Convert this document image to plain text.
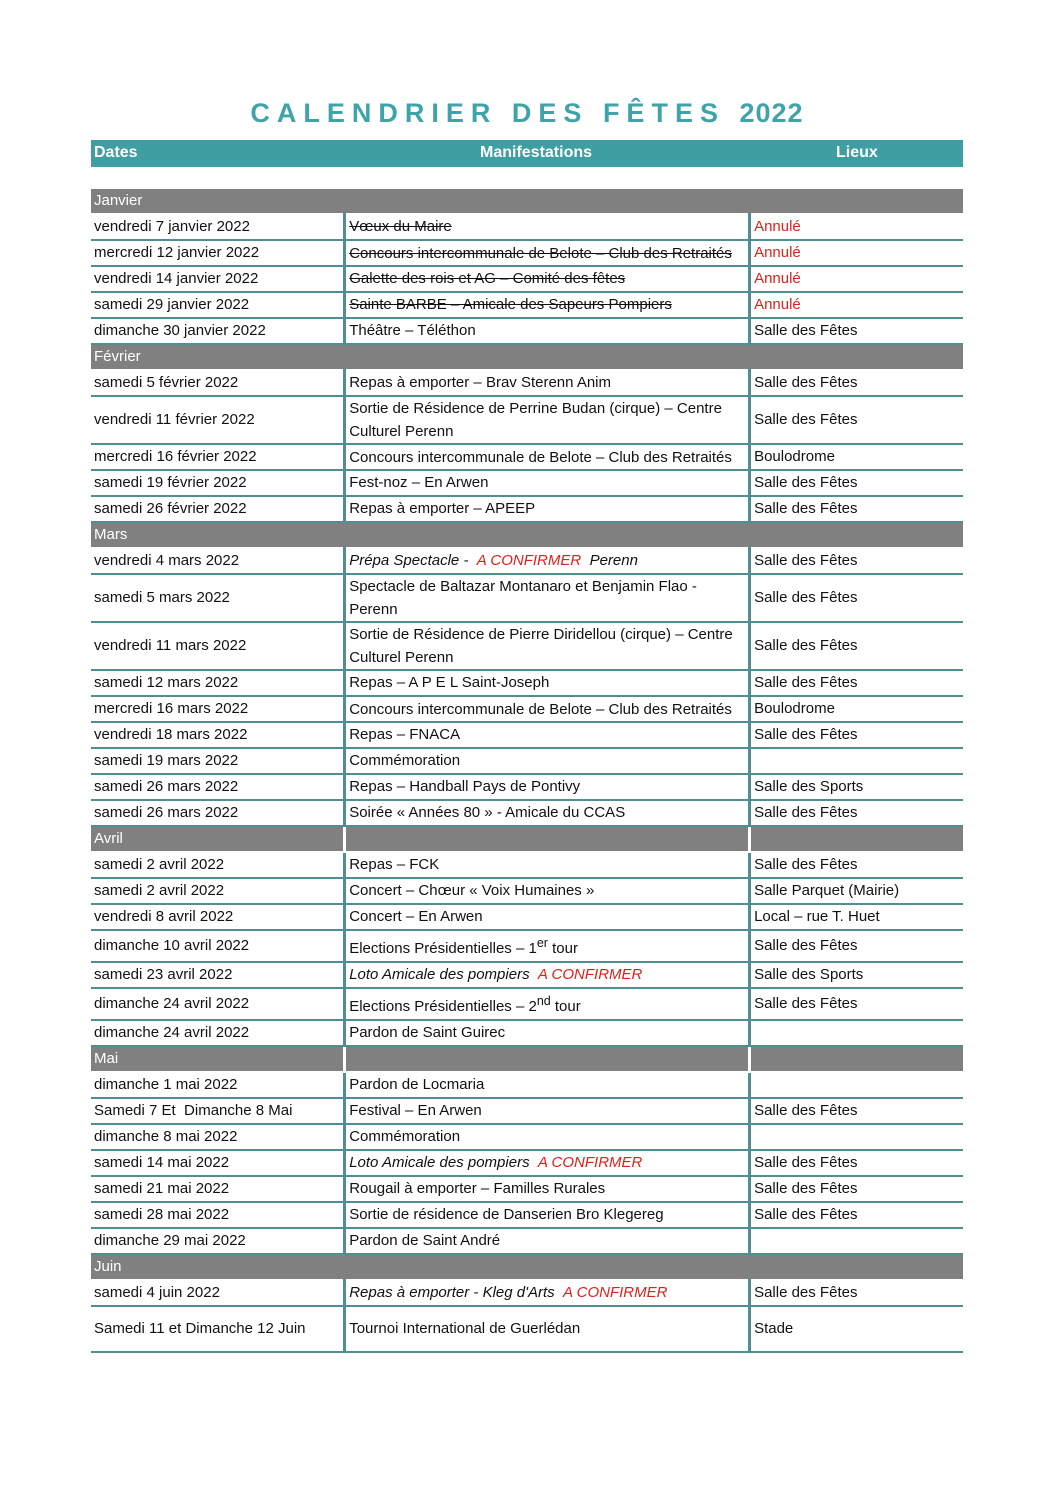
CALENDRIER DES FÊTES 2022
Dates	Manifestations	Lieux
Janvier		
vendredi 7 janvier 2022	Vœux du Maire	Annulé
mercredi 12 janvier 2022	Concours intercommunale de Belote – Club des Retraités	Annulé
vendredi 14 janvier 2022	Galette des rois et AG – Comité des fêtes	Annulé
samedi 29 janvier 2022	Sainte BARBE – Amicale des Sapeurs Pompiers	Annulé
dimanche 30 janvier 2022	Théâtre – Téléthon	Salle des Fêtes
Février		
samedi 5 février 2022	Repas à emporter – Brav Sterenn Anim	Salle des Fêtes
vendredi 11 février 2022	Sortie de Résidence de Perrine Budan (cirque) – Centre Culturel Perenn	Salle des Fêtes
mercredi 16 février 2022	Concours intercommunale de Belote – Club des Retraités	Boulodrome
samedi 19 février 2022	Fest-noz – En Arwen	Salle des Fêtes
samedi 26 février 2022	Repas à emporter – APEEP	Salle des Fêtes
Mars		
vendredi 4 mars 2022	Prépa Spectacle - A CONFIRMER Perenn	Salle des Fêtes
samedi 5 mars 2022	Spectacle de Baltazar Montanaro et Benjamin Flao - Perenn	Salle des Fêtes
vendredi 11 mars 2022	Sortie de Résidence de Pierre Diridellou (cirque) – Centre Culturel Perenn	Salle des Fêtes
samedi 12 mars 2022	Repas – A P E L Saint-Joseph	Salle des Fêtes
mercredi 16 mars 2022	Concours intercommunale de Belote – Club des Retraités	Boulodrome
vendredi 18 mars 2022	Repas – FNACA	Salle des Fêtes
samedi 19 mars 2022	Commémoration	
samedi 26 mars 2022	Repas – Handball Pays de Pontivy	Salle des Sports
samedi 26 mars 2022	Soirée « Années 80 » - Amicale du CCAS	Salle des Fêtes
Avril		
samedi 2 avril 2022	Repas – FCK	Salle des Fêtes
samedi 2 avril 2022	Concert – Chœur « Voix Humaines »	Salle Parquet (Mairie)
vendredi 8 avril 2022	Concert – En Arwen	Local – rue T. Huet
dimanche 10 avril 2022	Elections Présidentielles – 1er tour	Salle des Fêtes
samedi 23 avril 2022	Loto Amicale des pompiers A CONFIRMER	Salle des Sports
dimanche 24 avril 2022	Elections Présidentielles – 2nd tour	Salle des Fêtes
dimanche 24 avril 2022	Pardon de Saint Guirec	
Mai		
dimanche 1 mai 2022	Pardon de Locmaria	
Samedi 7 Et  Dimanche 8 Mai	Festival – En Arwen	Salle des Fêtes
dimanche 8 mai 2022	Commémoration	
samedi 14 mai 2022	Loto Amicale des pompiers A CONFIRMER	Salle des Fêtes
samedi 21 mai 2022	Rougail à emporter – Familles Rurales	Salle des Fêtes
samedi 28 mai 2022	Sortie de résidence de Danserien Bro Klegereg	Salle des Fêtes
dimanche 29 mai 2022	Pardon de Saint André	
Juin		
samedi 4 juin 2022	Repas à emporter - Kleg d'Arts A CONFIRMER	Salle des Fêtes
Samedi 11 et Dimanche 12 Juin	Tournoi International de Guerlédan	Stade
